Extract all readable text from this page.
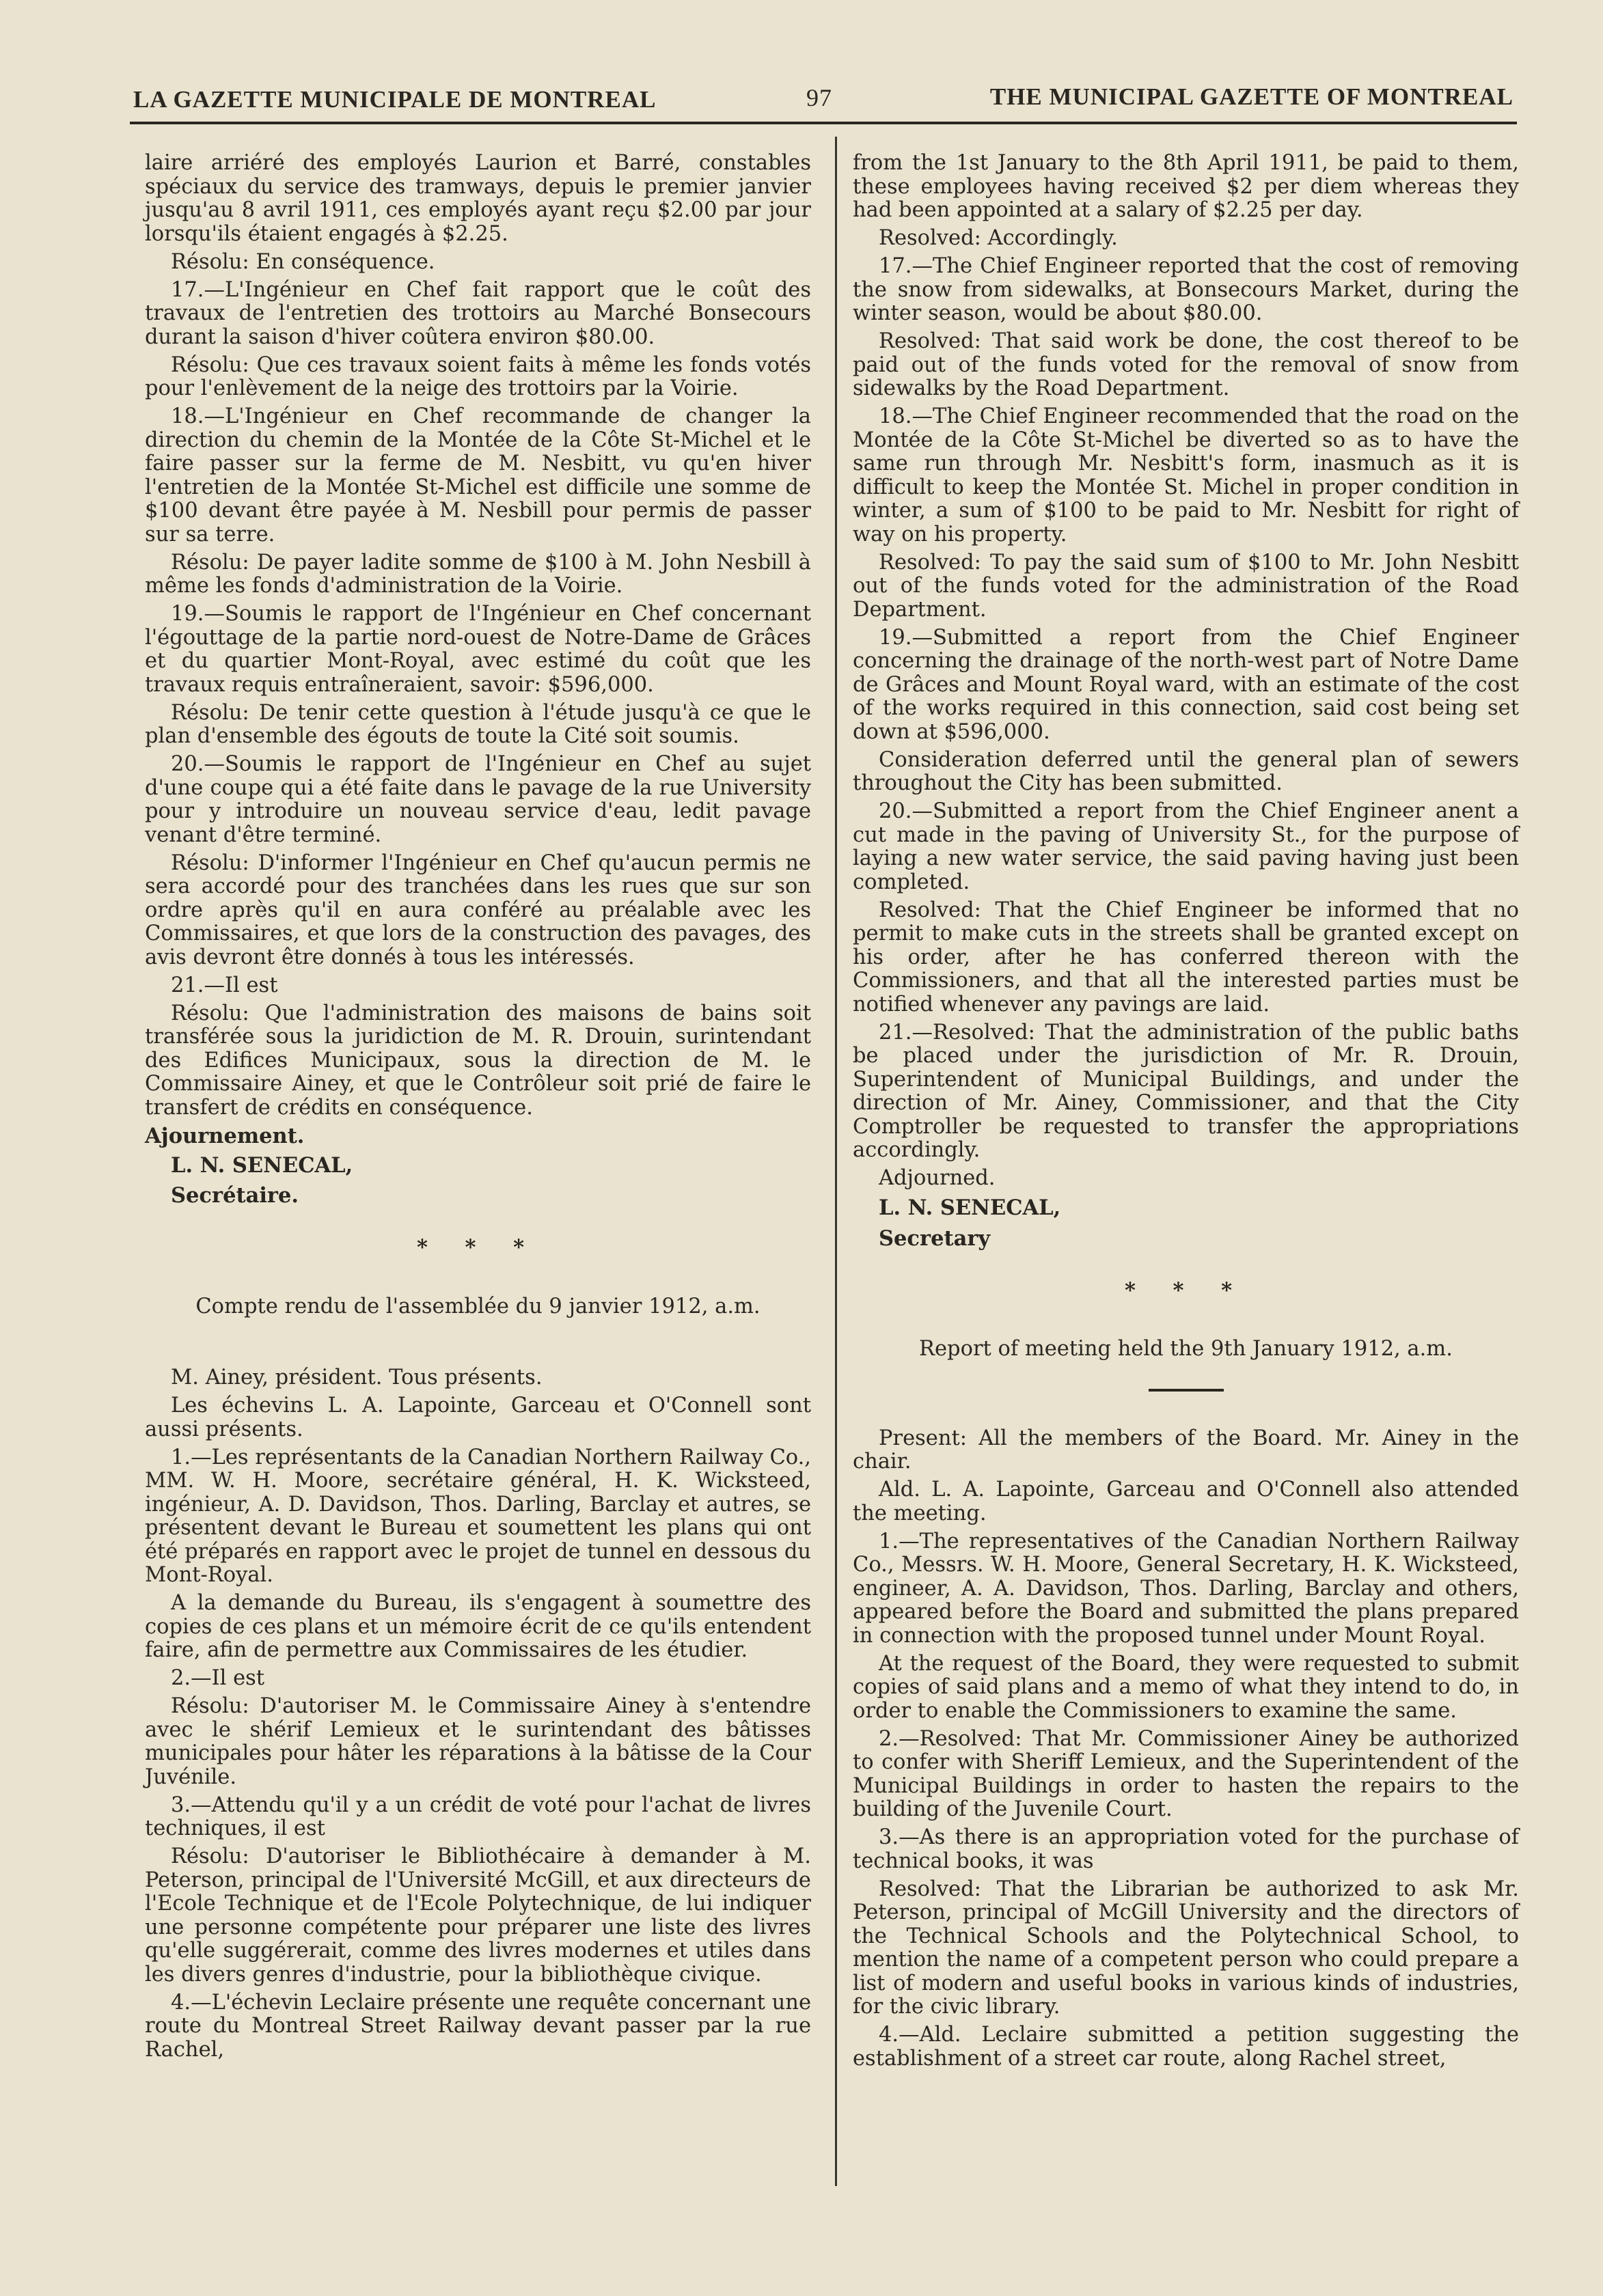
LA GAZETTE MUNICIPALE DE MONTREAL	97	THE MUNICIPAL GAZETTE OF MONTREAL

laire arriéré des employés Laurion et Barré, constables spéciaux du service des tramways, depuis le premier janvier jusqu'au 8 avril 1911, ces employés ayant reçu $2.00 par jour lorsqu'ils étaient engagés à $2.25.

Résolu: En conséquence.

17.—L'Ingénieur en Chef fait rapport que le coût des travaux de l'entretien des trottoirs au Marché Bonsecours durant la saison d'hiver coûtera environ $80.00.

Résolu: Que ces travaux soient faits à même les fonds votés pour l'enlèvement de la neige des trottoirs par la Voirie.

18.—L'Ingénieur en Chef recommande de changer la direction du chemin de la Montée de la Côte St-Michel et le faire passer sur la ferme de M. Nesbitt, vu qu'en hiver l'entretien de la Montée St-Michel est difficile une somme de $100 devant être payée à M. Nesbill pour permis de passer sur sa terre.

Résolu: De payer ladite somme de $100 à M. John Nesbill à même les fonds d'administration de la Voirie.

19.—Soumis le rapport de l'Ingénieur en Chef concernant l'égouttage de la partie nord-ouest de Notre-Dame de Grâces et du quartier Mont-Royal, avec estimé du coût que les travaux requis entraîneraient, savoir: $596,000.

Résolu: De tenir cette question à l'étude jusqu'à ce que le plan d'ensemble des égouts de toute la Cité soit soumis.

20.—Soumis le rapport de l'Ingénieur en Chef au sujet d'une coupe qui a été faite dans le pavage de la rue University pour y introduire un nouveau service d'eau, ledit pavage venant d'être terminé.

Résolu: D'informer l'Ingénieur en Chef qu'aucun permis ne sera accordé pour des tranchées dans les rues que sur son ordre après qu'il en aura conféré au préalable avec les Commissaires, et que lors de la construction des pavages, des avis devront être donnés à tous les intéressés.

21.—Il est

Résolu: Que l'administration des maisons de bains soit transférée sous la juridiction de M. R. Drouin, surintendant des Edifices Municipaux, sous la direction de M. le Commissaire Ainey, et que le Contrôleur soit prié de faire le transfert de crédits en conséquence.

Ajournement.

L. N. SENECAL,

Secrétaire.

* * *
Compte rendu de l'assemblée du 9 janvier 1912, a.m.

M. Ainey, président. Tous présents.

Les échevins L. A. Lapointe, Garceau et O'Connell sont aussi présents.

1.—Les représentants de la Canadian Northern Railway Co., MM. W. H. Moore, secrétaire général, H. K. Wicksteed, ingénieur, A. D. Davidson, Thos. Darling, Barclay et autres, se présentent devant le Bureau et soumettent les plans qui ont été préparés en rapport avec le projet de tunnel en dessous du Mont-Royal.

A la demande du Bureau, ils s'engagent à soumettre des copies de ces plans et un mémoire écrit de ce qu'ils entendent faire, afin de permettre aux Commissaires de les étudier.

2.—Il est

Résolu: D'autoriser M. le Commissaire Ainey à s'entendre avec le shérif Lemieux et le surintendant des bâtisses municipales pour hâter les réparations à la bâtisse de la Cour Juvénile.

3.—Attendu qu'il y a un crédit de voté pour l'achat de livres techniques, il est

Résolu: D'autoriser le Bibliothécaire à demander à M. Peterson, principal de l'Université McGill, et aux directeurs de l'Ecole Technique et de l'Ecole Polytechnique, de lui indiquer une personne compétente pour préparer une liste des livres qu'elle suggérerait, comme des livres modernes et utiles dans les divers genres d'industrie, pour la bibliothèque civique.

4.—L'échevin Leclaire présente une requête concernant une route du Montreal Street Railway devant passer par la rue Rachel,

from the 1st January to the 8th April 1911, be paid to them, these employees having received $2 per diem whereas they had been appointed at a salary of $2.25 per day.

Resolved: Accordingly.

17.—The Chief Engineer reported that the cost of removing the snow from sidewalks, at Bonsecours Market, during the winter season, would be about $80.00.

Resolved: That said work be done, the cost thereof to be paid out of the funds voted for the removal of snow from sidewalks by the Road Department.

18.—The Chief Engineer recommended that the road on the Montée de la Côte St-Michel be diverted so as to have the same run through Mr. Nesbitt's form, inasmuch as it is difficult to keep the Montée St. Michel in proper condition in winter, a sum of $100 to be paid to Mr. Nesbitt for right of way on his property.

Resolved: To pay the said sum of $100 to Mr. John Nesbitt out of the funds voted for the administration of the Road Department.

19.—Submitted a report from the Chief Engineer concerning the drainage of the north-west part of Notre Dame de Grâces and Mount Royal ward, with an estimate of the cost of the works required in this connection, said cost being set down at $596,000.

Consideration deferred until the general plan of sewers throughout the City has been submitted.

20.—Submitted a report from the Chief Engineer anent a cut made in the paving of University St., for the purpose of laying a new water service, the said paving having just been completed.

Resolved: That the Chief Engineer be informed that no permit to make cuts in the streets shall be granted except on his order, after he has conferred thereon with the Commissioners, and that all the interested parties must be notified whenever any pavings are laid.

21.—Resolved: That the administration of the public baths be placed under the jurisdiction of Mr. R. Drouin, Superintendent of Municipal Buildings, and under the direction of Mr. Ainey, Commissioner, and that the City Comptroller be requested to transfer the appropriations accordingly.

Adjourned.

L. N. SENECAL,

Secretary

* * *
Report of meeting held the 9th January 1912, a.m.

Present: All the members of the Board. Mr. Ainey in the chair.

Ald. L. A. Lapointe, Garceau and O'Connell also attended the meeting.

1.—The representatives of the Canadian Northern Railway Co., Messrs. W. H. Moore, General Secretary, H. K. Wicksteed, engineer, A. A. Davidson, Thos. Darling, Barclay and others, appeared before the Board and submitted the plans prepared in connection with the proposed tunnel under Mount Royal.

At the request of the Board, they were requested to submit copies of said plans and a memo of what they intend to do, in order to enable the Commissioners to examine the same.

2.—Resolved: That Mr. Commissioner Ainey be authorized to confer with Sheriff Lemieux, and the Superintendent of the Municipal Buildings in order to hasten the repairs to the building of the Juvenile Court.

3.—As there is an appropriation voted for the purchase of technical books, it was

Resolved: That the Librarian be authorized to ask Mr. Peterson, principal of McGill University and the directors of the Technical Schools and the Polytechnical School, to mention the name of a competent person who could prepare a list of modern and useful books in various kinds of industries, for the civic library.

4.—Ald. Leclaire submitted a petition suggesting the establishment of a street car route, along Rachel street,
